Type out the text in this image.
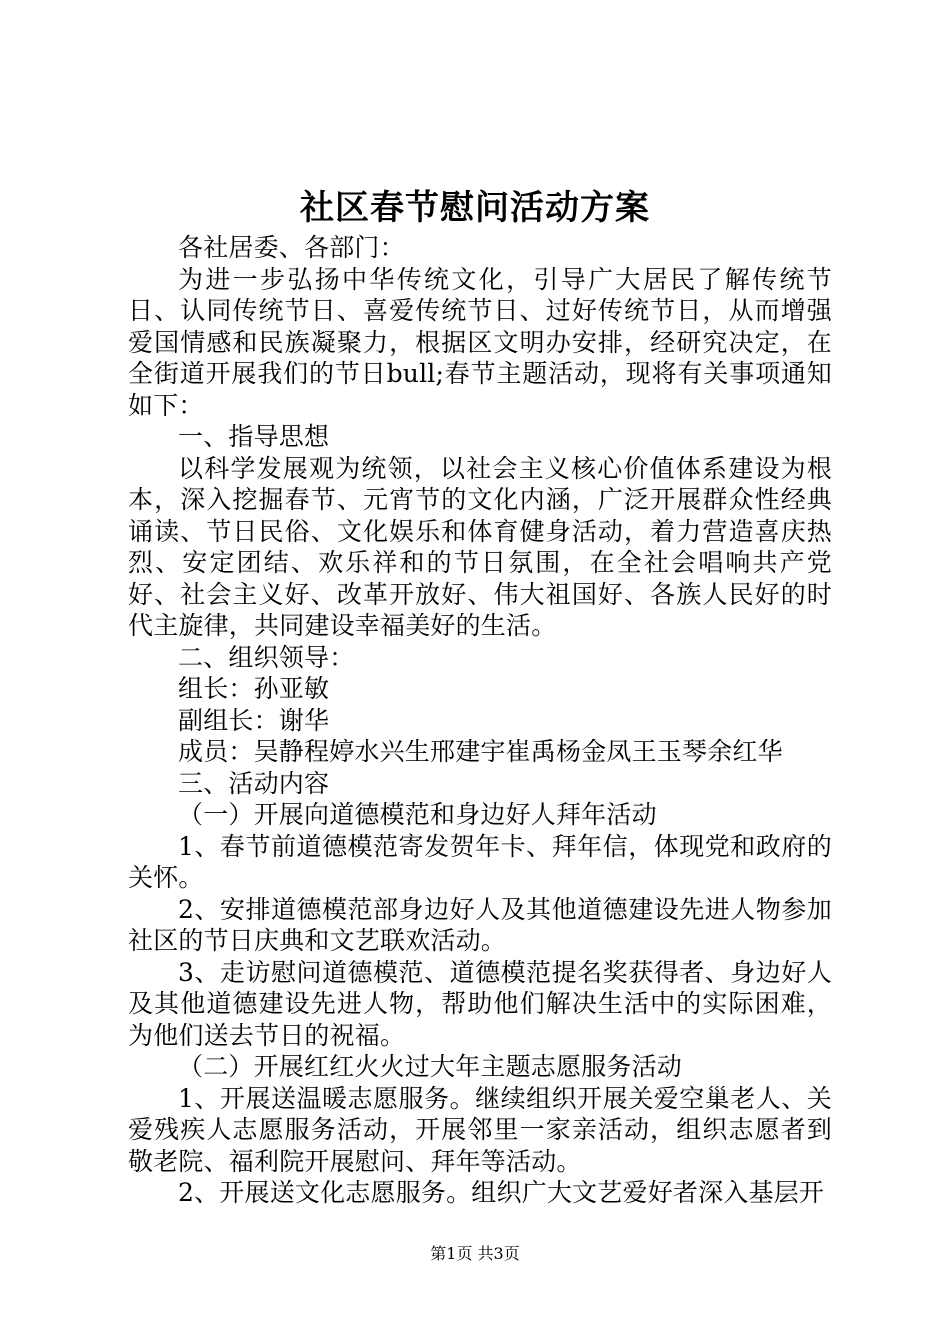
社区春节慰问活动方案

各社居委、各部门：

为进一步弘扬中华传统文化，引导广大居民了解传统节日、认同传统节日、喜爱传统节日、过好传统节日，从而增强爱国情感和民族凝聚力，根据区文明办安排，经研究决定，在全街道开展我们的节日bull;春节主题活动，现将有关事项通知如下：

一、指导思想

以科学发展观为统领，以社会主义核心价值体系建设为根本，深入挖掘春节、元宵节的文化内涵，广泛开展群众性经典诵读、节日民俗、文化娱乐和体育健身活动，着力营造喜庆热烈、安定团结、欢乐祥和的节日氛围，在全社会唱响共产党好、社会主义好、改革开放好、伟大祖国好、各族人民好的时代主旋律，共同建设幸福美好的生活。

二、组织领导：

组长：孙亚敏

副组长：谢华

成员：吴静程婷水兴生邢建宇崔禹杨金凤王玉琴余红华

三、活动内容

（一）开展向道德模范和身边好人拜年活动

1、春节前道德模范寄发贺年卡、拜年信，体现党和政府的关怀。

2、安排道德模范部身边好人及其他道德建设先进人物参加社区的节日庆典和文艺联欢活动。

3、走访慰问道德模范、道德模范提名奖获得者、身边好人及其他道德建设先进人物，帮助他们解决生活中的实际困难，为他们送去节日的祝福。

（二）开展红红火火过大年主题志愿服务活动

1、开展送温暖志愿服务。继续组织开展关爱空巢老人、关爱残疾人志愿服务活动，开展邻里一家亲活动，组织志愿者到敬老院、福利院开展慰问、拜年等活动。

2、开展送文化志愿服务。组织广大文艺爱好者深入基层开

第1页 共3页
